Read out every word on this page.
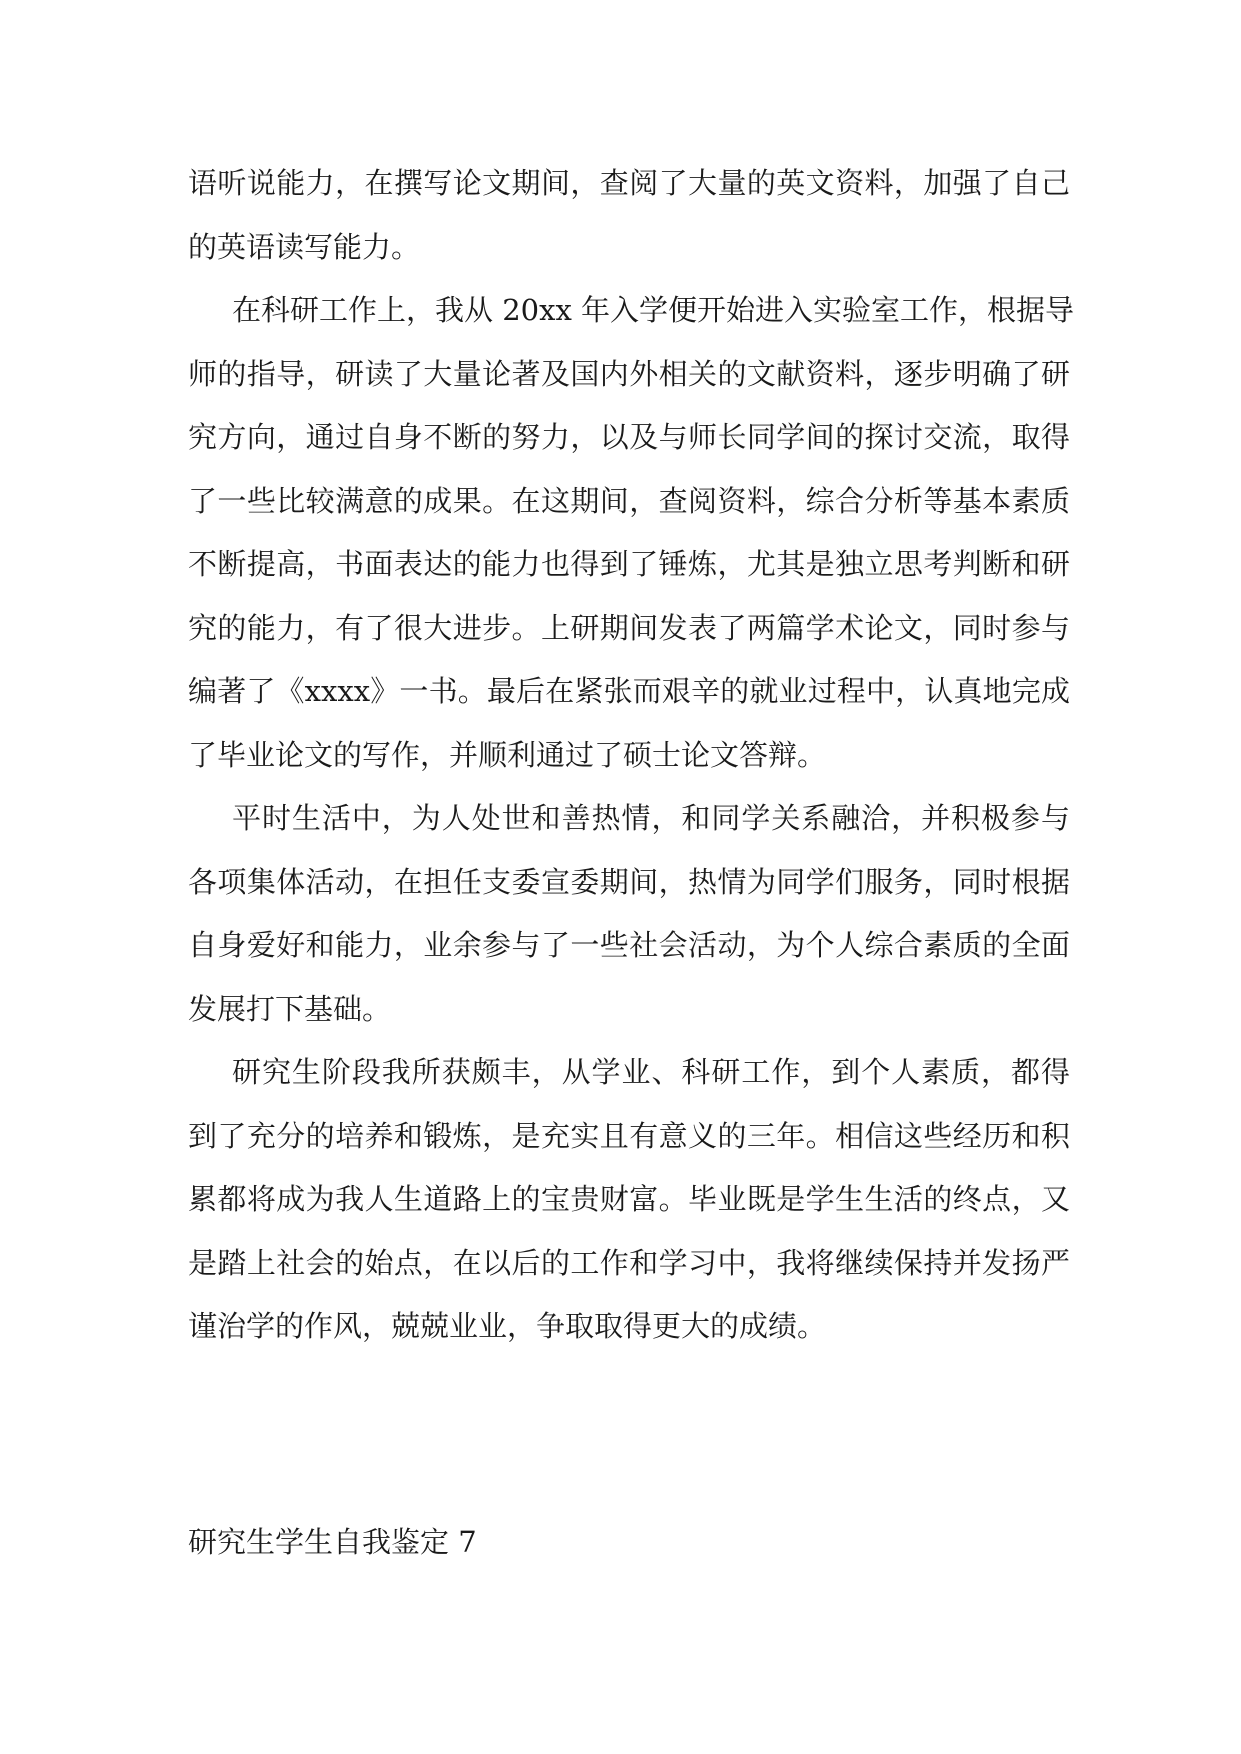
语听说能力，在撰写论文期间，查阅了大量的英文资料，加强了自己
的英语读写能力。
在科研工作上，我从 20xx 年入学便开始进入实验室工作，根据导
师的指导，研读了大量论著及国内外相关的文献资料，逐步明确了研
究方向，通过自身不断的努力，以及与师长同学间的探讨交流，取得
了一些比较满意的成果。在这期间，查阅资料，综合分析等基本素质
不断提高，书面表达的能力也得到了锤炼，尤其是独立思考判断和研
究的能力，有了很大进步。上研期间发表了两篇学术论文，同时参与
编著了《xxxx》一书。最后在紧张而艰辛的就业过程中，认真地完成
了毕业论文的写作，并顺利通过了硕士论文答辩。
平时生活中，为人处世和善热情，和同学关系融洽，并积极参与
各项集体活动，在担任支委宣委期间，热情为同学们服务，同时根据
自身爱好和能力，业余参与了一些社会活动，为个人综合素质的全面
发展打下基础。
研究生阶段我所获颇丰，从学业、科研工作，到个人素质，都得
到了充分的培养和锻炼，是充实且有意义的三年。相信这些经历和积
累都将成为我人生道路上的宝贵财富。毕业既是学生生活的终点，又
是踏上社会的始点，在以后的工作和学习中，我将继续保持并发扬严
谨治学的作风，兢兢业业，争取取得更大的成绩。
研究生学生自我鉴定 7
